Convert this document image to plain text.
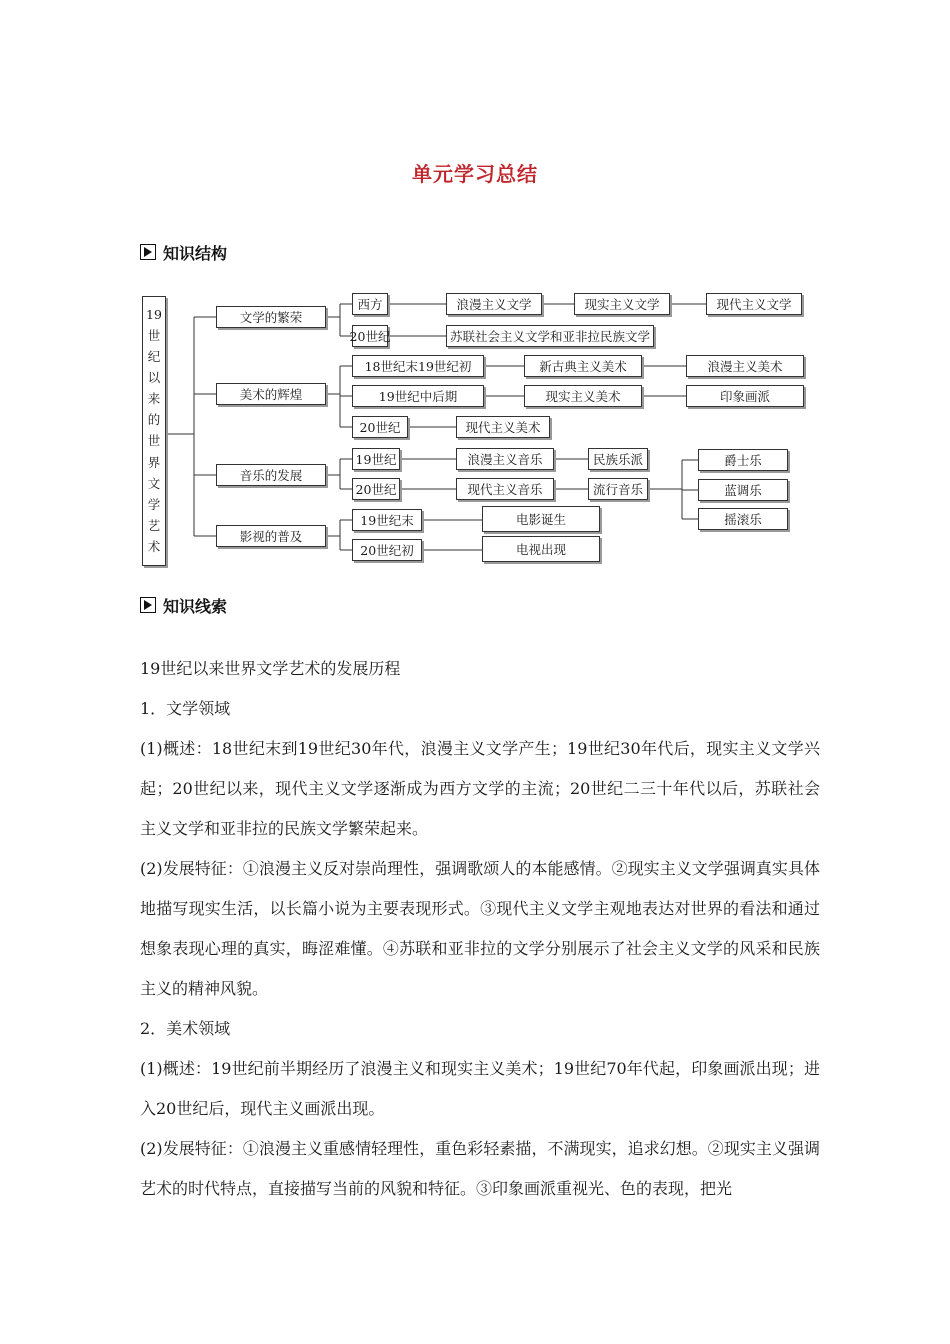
单元学习总结
知识结构
19
世
纪
以
来
的
世
界
文
学
艺
术
文学的繁荣
美术的辉煌
音乐的发展
影视的普及
西方	浪漫主义文学	现实主义文学	现代主义文学
20世纪	苏联社会主义文学和亚非拉民族文学
18世纪末19世纪初	新古典主义美术	浪漫主义美术
19世纪中后期	现实主义美术	印象画派
20世纪	现代主义美术
19世纪	浪漫主义音乐	民族乐派
20世纪	现代主义音乐	流行音乐
爵士乐
蓝调乐
摇滚乐
19世纪末	电影诞生
20世纪初	电视出现
知识线索

19世纪以来世界文学艺术的发展历程

1．文学领域

(1)概述：18世纪末到19世纪30年代，浪漫主义文学产生；19世纪30年代后，现实主义文学兴起；20世纪以来，现代主义文学逐渐成为西方文学的主流；20世纪二三十年代以后，苏联社会主义文学和亚非拉的民族文学繁荣起来。

(2)发展特征：①浪漫主义反对崇尚理性，强调歌颂人的本能感情。②现实主义文学强调真实具体地描写现实生活，以长篇小说为主要表现形式。③现代主义文学主观地表达对世界的看法和通过想象表现心理的真实，晦涩难懂。④苏联和亚非拉的文学分别展示了社会主义文学的风采和民族主义的精神风貌。

2．美术领域

(1)概述：19世纪前半期经历了浪漫主义和现实主义美术；19世纪70年代起，印象画派出现；进入20世纪后，现代主义画派出现。

(2)发展特征：①浪漫主义重感情轻理性，重色彩轻素描，不满现实，追求幻想。②现实主义强调艺术的时代特点，直接描写当前的风貌和特征。③印象画派重视光、色的表现，把光
